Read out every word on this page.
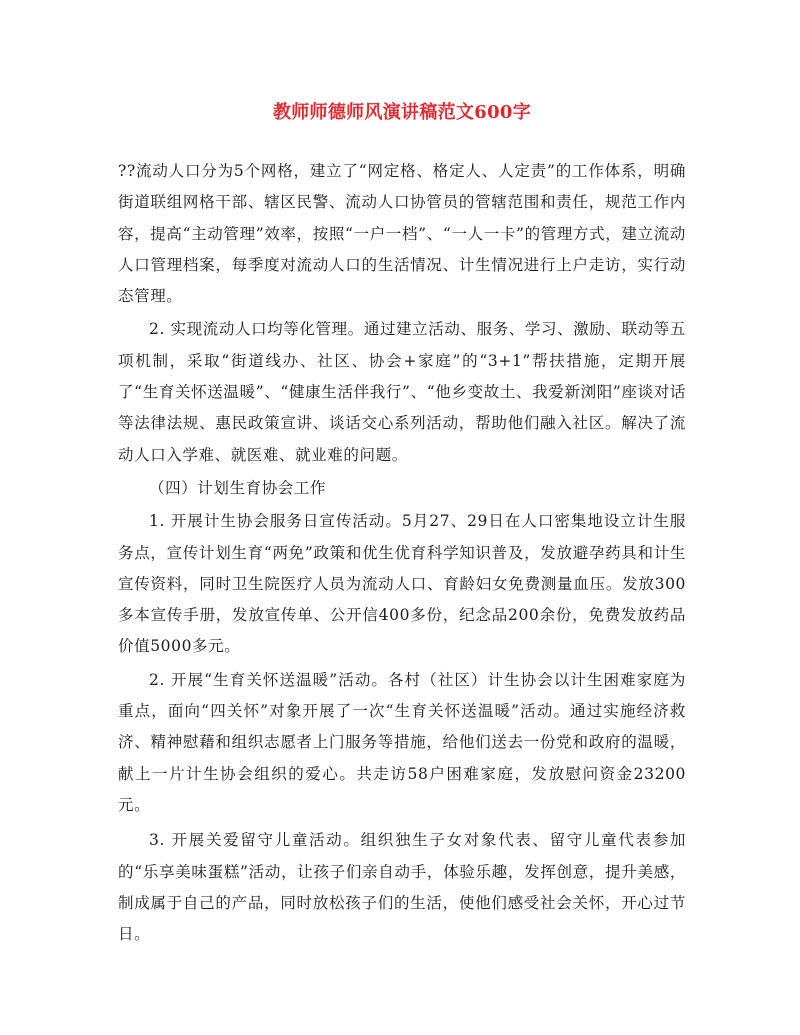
教师师德师风演讲稿范文600字

??流动人口分为5个网格，建立了“网定格、格定人、人定责”的工作体系，明确街道联组网格干部、辖区民警、流动人口协管员的管辖范围和责任，规范工作内容，提高“主动管理”效率，按照“一户一档”、“一人一卡”的管理方式，建立流动人口管理档案，每季度对流动人口的生活情况、计生情况进行上户走访，实行动态管理。

2. 实现流动人口均等化管理。通过建立活动、服务、学习、激励、联动等五项机制，采取“街道线办、社区、协会+家庭”的“3+1”帮扶措施，定期开展了“生育关怀送温暖”、“健康生活伴我行”、“他乡变故土、我爱新浏阳”座谈对话等法律法规、惠民政策宣讲、谈话交心系列活动，帮助他们融入社区。解决了流动人口入学难、就医难、就业难的问题。

（四）计划生育协会工作

1. 开展计生协会服务日宣传活动。5月27、29日在人口密集地设立计生服务点，宣传计划生育“两免”政策和优生优育科学知识普及，发放避孕药具和计生宣传资料，同时卫生院医疗人员为流动人口、育龄妇女免费测量血压。发放300多本宣传手册，发放宣传单、公开信400多份，纪念品200余份，免费发放药品价值5000多元。

2. 开展“生育关怀送温暖”活动。各村（社区）计生协会以计生困难家庭为重点，面向“四关怀”对象开展了一次“生育关怀送温暖”活动。通过实施经济救济、精神慰藉和组织志愿者上门服务等措施，给他们送去一份党和政府的温暖，献上一片计生协会组织的爱心。共走访58户困难家庭，发放慰问资金23200元。

3. 开展关爱留守儿童活动。组织独生子女对象代表、留守儿童代表参加的“乐享美味蛋糕”活动，让孩子们亲自动手，体验乐趣，发挥创意，提升美感，制成属于自己的产品，同时放松孩子们的生活，使他们感受社会关怀，开心过节日。
